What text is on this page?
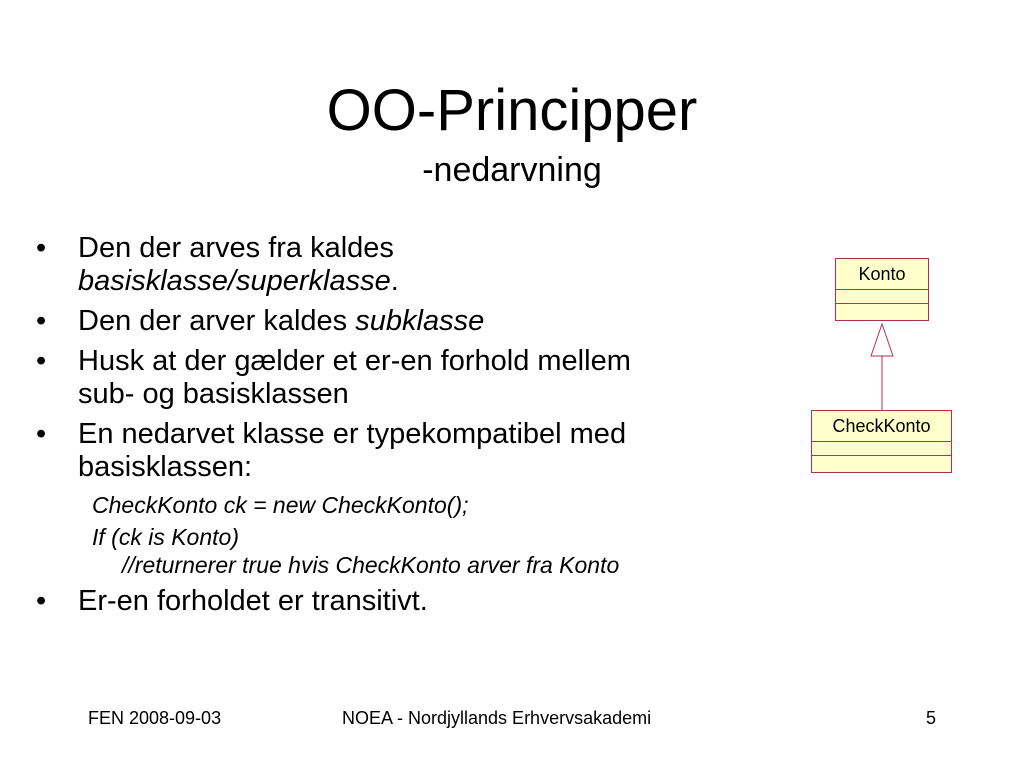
OO-Principper
-nedarvning
• Den der arves fra kaldes
basisklasse/superklasse.
• Den der arver kaldes subklasse
• Husk at der gælder et er-en forhold mellem
sub- og basisklassen
• En nedarvet klasse er typekompatibel med
basisklassen:
CheckKonto ck = new CheckKonto();
If (ck is Konto)
//returnerer true hvis CheckKonto arver fra Konto
• Er-en forholdet er transitivt.
Konto
CheckKonto
FEN 2008-09-03	NOEA - Nordjyllands Erhvervsakademi	5
